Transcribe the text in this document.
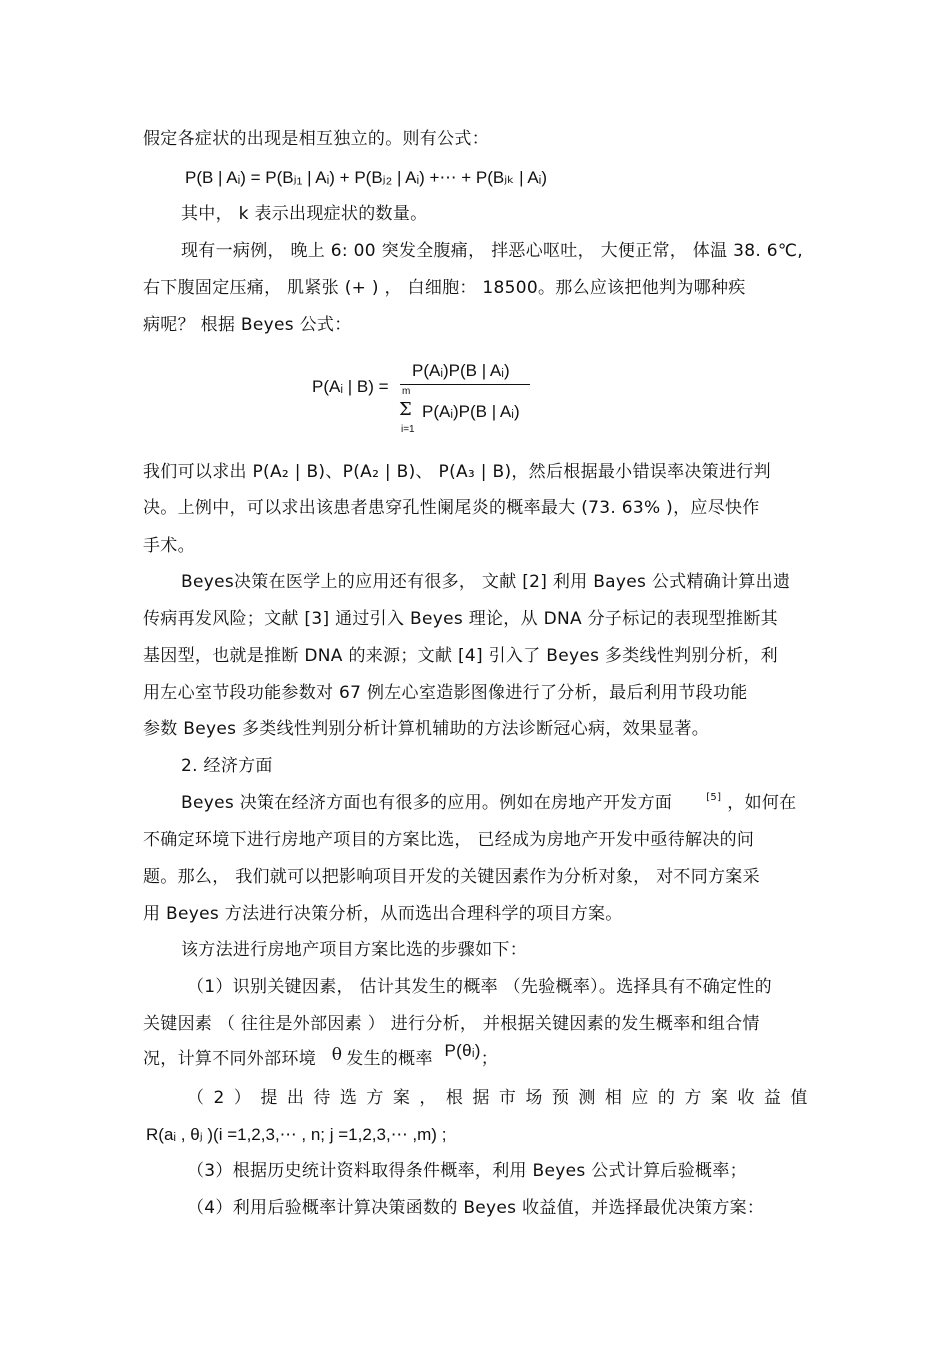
假定各症状的出现是相互独立的。则有公式：
P(B | Aᵢ) = P(Bⱼ₁ | Aᵢ) + P(Bⱼ₂ | Aᵢ) +⋯ + P(Bⱼₖ | Aᵢ)
其中， k 表示出现症状的数量。
现有一病例， 晚上 6: 00 突发全腹痛， 拌恶心呕吐， 大便正常， 体温 38. 6℃,
右下腹固定压痛， 肌紧张 (+ ) ， 白细胞： 18500。那么应该把他判为哪种疾
病呢？ 根据 Beyes 公式：
P(Aᵢ | B) =
P(Aᵢ)P(B | Aᵢ)
m
Σ P(Aᵢ)P(B | Aᵢ)
i=1
我们可以求出 P(A₂ | B)、P(A₂ | B)、 P(A₃ | B)，然后根据最小错误率决策进行判
决。上例中，可以求出该患者患穿孔性阑尾炎的概率最大 (73. 63% )，应尽快作
手术。
Beyes决策在医学上的应用还有很多， 文献 [2] 利用 Bayes 公式精确计算出遗
传病再发风险；文献 [3] 通过引入 Beyes 理论，从 DNA 分子标记的表现型推断其
基因型，也就是推断 DNA 的来源；文献 [4] 引入了 Beyes 多类线性判别分析，利
用左心室节段功能参数对 67 例左心室造影图像进行了分析，最后利用节段功能
参数 Beyes 多类线性判别分析计算机辅助的方法诊断冠心病，效果显著。
2. 经济方面
Beyes 决策在经济方面也有很多的应用。例如在房地产开发方面	[5] ，如何在
不确定环境下进行房地产项目的方案比选， 已经成为房地产开发中亟待解决的问
题。那么， 我们就可以把影响项目开发的关键因素作为分析对象， 对不同方案采
用 Beyes 方法进行决策分析，从而选出合理科学的项目方案。
该方法进行房地产项目方案比选的步骤如下：
（1）识别关键因素， 估计其发生的概率 （先验概率）。选择具有不确定性的
关键因素 （ 往往是外部因素 ） 进行分析， 并根据关键因素的发生概率和组合情
况，计算不同外部环境 θ 发生的概率 P(θᵢ)；
（2）提出待选方案，根据市场预测相应的方案收益值
R(aᵢ , θⱼ )(i =1,2,3,⋯ , n; j =1,2,3,⋯ ,m) ;
（3）根据历史统计资料取得条件概率，利用 Beyes 公式计算后验概率；
（4）利用后验概率计算决策函数的 Beyes 收益值，并选择最优决策方案：
